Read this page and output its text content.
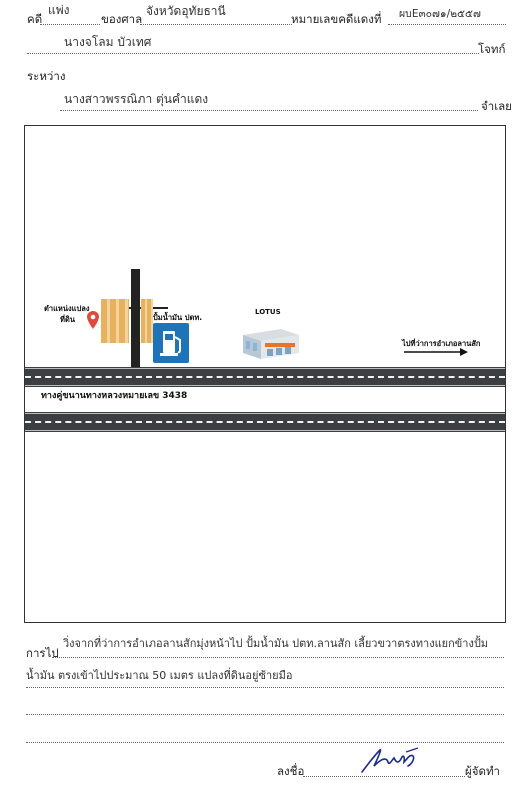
คดี
แพ่ง
ของศาล
จังหวัดอุทัยธานี
หมายเลขคดีแดงที่ ผบE๓๐๗๑/๒๕๕๗
นางจโลม บัวเทศ	โจทก์
ระหว่าง
นางสาวพรรณิภา ตุ่นคำแดง	จำเลย
ตำแหน่งแปลง
ที่ดิน	ปั้มน้ำมัน ปตท.
LOTUS
ไปที่ว่าการอำเภอลานสัก
ทางคู่ขนานทางหลวงหมายเลข 3438
การไป
วิ่งจากที่ว่าการอำเภอลานสักมุ่งหน้าไป ปั้มน้ำมัน ปตท.ลานสัก เลี้ยวขวาตรงทางแยกข้างปั้ม
น้ำมัน ตรงเข้าไปประมาณ 50 เมตร แปลงที่ดินอยู่ซ้ายมือ
ลงชื่อ	ผู้จัดทำ
